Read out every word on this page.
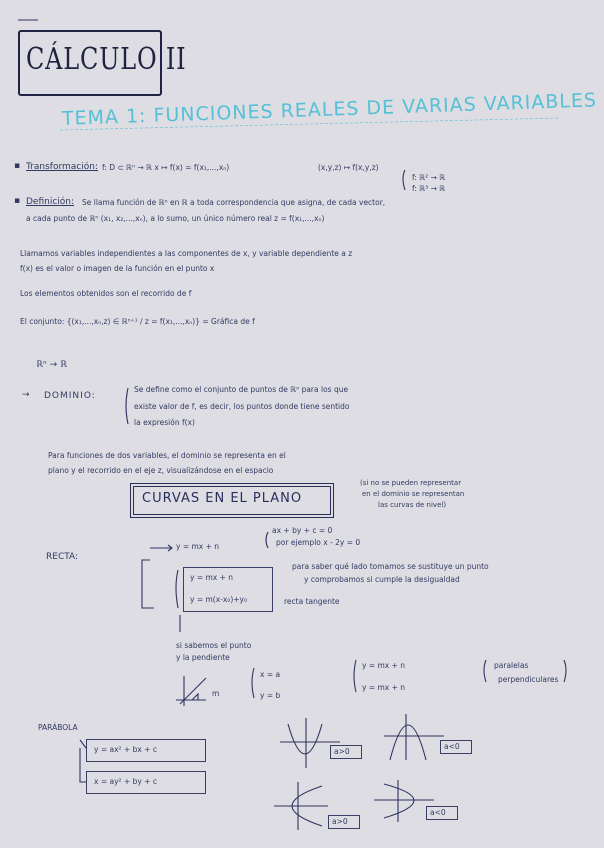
CÁLCULO II
TEMA 1: FUNCIONES REALES DE VARIAS VARIABLES
▪ Transformación: f: D ⊂ ℝⁿ → ℝ x ↦ f(x) = f(x₁,...,xₙ)	(x,y,z) ↦ f(x,y,z)
f: ℝ² → ℝ
f: ℝ³ → ℝ
▪ Definición: Se llama función de ℝⁿ en ℝ a toda correspondencia que asigna, de cada vector,
a cada punto de ℝⁿ (x₁, x₂,...,xₙ), a lo sumo, un único número real z = f(x₁,...,xₙ)
Llamamos variables independientes a las componentes de x, y variable dependiente a z
f(x) es el valor o imagen de la función en el punto x
Los elementos obtenidos son el recorrido de f
El conjunto: {(x₁,...,xₙ,z) ∈ ℝⁿ⁺¹ / z = f(x₁,...,xₙ)} = Gráfica de f
ℝⁿ → ℝ
→ DOMINIO:
Se define como el conjunto de puntos de ℝⁿ para los que
existe valor de f, es decir, los puntos donde tiene sentido
la expresión f(x)
Para funciones de dos variables, el dominio se representa en el
plano y el recorrido en el eje z, visualizándose en el espacio
CURVAS EN EL PLANO
(si no se pueden representar
en el dominio se representan
las curvas de nivel)
RECTA:
y = mx + n
ax + by + c = 0
por ejemplo x - 2y = 0
y = mx + n
y = m(x-x₀)+y₀
para saber qué lado tomamos se sustituye un punto
y comprobamos si cumple la desigualdad
recta tangente
si sabemos el punto
y la pendiente
m
x = a
y = b
y = mx + n
y = mx + n
paralelas
perpendiculares
PARÁBOLA
y = ax² + bx + c
x = ay² + by + c
a>0
a<0
a>0
a<0
